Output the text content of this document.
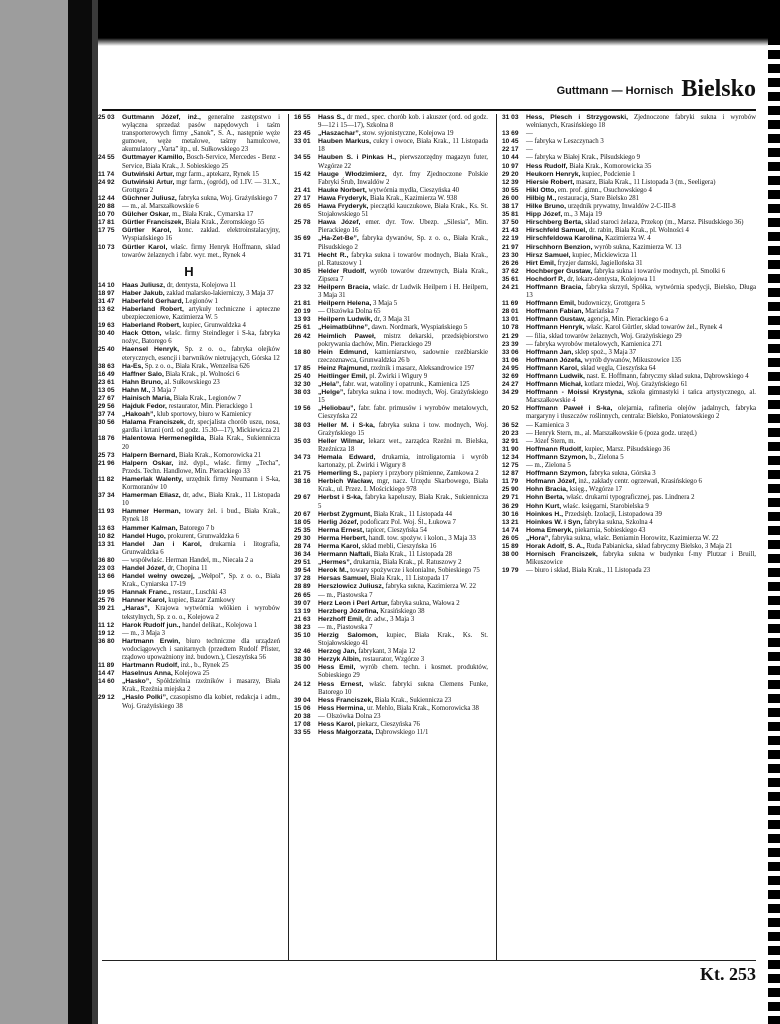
Guttmann — Hornisch Bielsko

25 03	Guttmann Józef, inż., generalne zastępstwo i wyłączna sprzedaż pasów napędowych i taśm transporterowych firmy „Sanok”, S. A., następnie węże gumowe, węże metalowe, taśmy hamulcowe, akumulatory „Varta” itp., ul. Sułkowskiego 23

24 55	Guttmayer Kamillo, Bosch-Service, Mercedes - Benz - Service, Biała Krak., J. Sobieskiego 25

11 74	Gutwiński Artur, mgr farm., aptekarz, Rynek 15

24 92	Gutwiński Artur, mgr farm., (ogród), od 1.IV. — 31.X., Grottgera 2

12 44	Güchner Juliusz, fabryka sukna, Woj. Grażyńskiego 7

20 88	— m., al. Marszałkowskie 6

10 70	Gülcher Oskar, m., Biała Krak., Cymarska 17

17 81	Gürtler Franciszek, Biała Krak., Żeromskiego 55

17 75	Gürtler Karol, konc. zakład. elektroinstalacyjny, Wyspiańskiego 16

10 73	Gürtler Karol, właśc. firmy Henryk Hoffmann, skład towarów żelaznych i fabr. wyr. met., Rynek 4

H

14 10	Haas Juliusz, dr, dentysta, Kolejowa 11

18 97	Haber Jakub, zakład malarsko-lakierniczy, 3 Maja 37

31 47	Haberfeld Gerhard, Legionów 1

13 62	Haberland Robert, artykuły techniczne i apteczne ubezpieczeniowe, Kazimierza W. 5

19 63	Haberland Robert, kupiec, Grunwaldzka 4

30 40	Hack Otton, właśc. firmy Steindleger i S-ka, fabryka nożyc, Batorego 6

25 40	Haensel Henryk, Sp. z o. o., fabryka olejków eterycznych, esencji i barwników nietrujących, Górska 12

38 63	Ha-Es, Sp. z o. o., Biała Krak., Wenzelisa 626

16 49	Haffner Salo, Biała Krak., pl. Wolności 6

23 61	Hahn Bruno, al. Sułkowskiego 23

13 05	Hahn M., 3 Maja 7

27 67	Hainisch Maria, Biała Krak., Legionów 7

29 56	Hajduk Fedor, restaurator, Min. Pierackiego 1

37 74	„Hakoah”, klub sportowy, biuro w Kamienicy

30 56	Halama Franciszek, dr, specjalista chorób uszu, nosa, gardła i krtani (ord. od godz. 15.30—17), Mickiewicza 21

18 76	Halentowa Hermenegilda, Biała Krak., Sukiennicza 20

25 73	Halpern Bernard, Biała Krak., Komorowicka 21

21 96	Halpern Oskar, inż. dypl., właśc. firmy „Techa”, Przeds. Techn. Handlowe, Min. Pierackiego 33

11 82	Hamerlak Walenty, urzędnik firmy Neumann i S-ka, Kormoranów 10

37 34	Hamerman Eliasz, dr, adw., Biała Krak., 11 Listopada 10

11 93	Hammer Herman, towary żel. i bud., Biała Krak., Rynek 18

13 63	Hammer Kalman, Batorego 7 b

10 82	Handel Hugo, prokurent, Grunwaldzka 6

13 31	Handel Jan i Karol, drukarnia i litografia, Grunwaldzka 6

36 80	— współwłaśc. Herman Handel, m., Niecała 2 a

23 03	Handel Józef, dr, Chopina 11

13 66	Handel wełny owczej, „Wełpol”, Sp. z o. o., Biała Krak., Cyniarska 17-19

19 95	Hannak Franc., restaur., Luschki 43

25 76	Hanner Karol, kupiec, Bazar Zamkowy

39 21	„Haras”, Krajowa wytwórnia włókien i wyrobów tekstylnych, Sp. z o. o., Kolejowa 2

11 12	Harok Rudolf jun., handel delikat., Kolejowa 1

19 12	— m., 3 Maja 3

36 80	Hartmann Erwin, biuro techniczne dla urządzeń wodociągowych i sanitarnych (przedtem Rudolf Pfister, rządowo upoważniony inż. budown.), Cieszyńska 56

11 89	Hartmann Rudolf, inż., b., Rynek 25

14 47	Haselnus Anna, Kolejowa 25

14 60	„Hasko”, Spółdzielnia rzeźników i masarzy, Biała Krak., Rzeźnia miejska 2

29 12	„Haslo Polki”, czasopismo dla kobiet, redakcja i adm., Woj. Grażyńskiego 38

16 55	Hass S., dr med., spec. chorób kob. i akuszer (ord. od godz. 9—12 i 15—17), Szkolna 8

23 45	„Haszachar”, stow. syjonistyczne, Kolejowa 19

33 01	Hauben Markus, cukry i owoce, Biała Krak., 11 Listopada 18

34 55	Hauben S. i Pinkas H., pierwszorzędny magazyn futer, Wzgórze 22

15 42	Hauge Włodzimierz, dyr. fmy Zjednoczone Polskie Fabryki Śrub, Inwaldów 2

21 41	Hauke Norbert, wytwórnia mydła, Cieszyńska 40

27 17	Hawa Fryderyk, Biała Krak., Kazimierza W. 938

26 65	Hawa Fryderyk, pieczątki kauczukowe, Biała Krak., Ks. St. Stojałowskiego 51

25 78	Hawa Józef, emer. dyr. Tow. Ubezp. „Silesia”, Min. Pierackiego 16

35 69	„Ha-Zet-Be”, fabryka dywanów, Sp. z o. o., Biała Krak., Piłsudskiego 2

31 71	Hecht R., fabryka sukna i towarów modnych, Biała Krak., pl. Ratuszowy 1

30 85	Helder Rudolf, wyrób towarów drzewnych, Biała Krak., Zipsera 7

23 32	Heilpern Bracia, właśc. dr Ludwik Heilpern i H. Heilpern, 3 Maja 31

21 81	Heilpern Helena, 3 Maja 5

20 19	— Olszówka Dolna 65

13 93	Heilpern Ludwik, dr, 3 Maja 31

25 61	„Heimatbühne”, dawn. Nordmark, Wyspiańskiego 5

26 42	Heimlich Paweł, mistrz dekarski, przedsiębiorstwo pokrywania dachów, Min. Pierackiego 29

18 80	Hein Edmund, kamieniarstwo, sadownie rzeźbiarskie rzeczoznawca, Grunwaldzka 26 b

17 85	Heinz Rajmund, rzeźnik i masarz, Aleksandrowice 197

25 40	Heitlinger Emil, pl. Żwirki i Wigury 9

32 30	„Hela”, fabr. wat, watoliny i opatrunk., Kamienica 125

38 03	„Helge”, fabryka sukna i tow. modnych, Woj. Grażyńskiego 15

19 56	„Heliobau”, fabr. fabr. primusów i wyrobów metalowych, Cieszyńska 22

38 03	Heller M. i S-ka, fabryka sukna i tow. modnych, Woj. Grażyńskiego 15

35 03	Heller Wilmar, lekarz wet., zarządca Rzeźni m. Bielska, Rzeźnicza 18

34 73	Hemala Edward, drukarnia, introligatornia i wyrób kartonaży, pl. Żwirki i Wigury 8

21 75	Hemerling S., papiery i przybory piśmienne, Zamkowa 2

38 16	Herbich Wacław, mgr, nacz. Urzędu Skarbowego, Biała Krak., ul. Przez. I. Mościckiego 978

29 67	Herbst i S-ka, fabryka kapeluszy, Biała Krak., Sukiennicza 5

20 67	Herbst Zygmunt, Biała Krak., 11 Listopada 44

18 05	Herlig Józef, podoficarz Pol. Woj. Śl., Łukowa 7

25 35	Herma Ernest, tapicer, Cieszyńska 54

29 30	Herma Herbert, handl. tow. spożyw. i kolon., 3 Maja 33

28 74	Herma Karol, skład mebli, Cieszyńska 16

36 34	Hermann Naftali, Biała Krak., 11 Listopada 28

29 51	„Hermes”, drukarnia, Biała Krak., pl. Ratuszowy 2

39 54	Herok M., towary spożywcze i kolonialne, Sobieskiego 75

37 28	Hersas Samuel, Biała Krak., 11 Listopada 17

28 89	Herszlowicz Juliusz, fabryka sukna, Kazimierza W. 22

26 65	— m., Piastowska 7

39 07	Herz Leon i Perl Artur, fabryka sukna, Wałowa 2

13 19	Herzberg Józefina, Krasińskiego 38

21 63	Herzhoff Emil, dr. adw., 3 Maja 3

38 23	— m., Piastowska 7

35 10	Herzig Salomon, kupiec, Biała Krak., Ks. St. Stojałowskiego 41

32 46	Herzog Jan, fabrykant, 3 Maja 12

38 30	Herzyk Albin, restaurator, Wzgórze 3

35 00	Hess Emil, wyrób chem. techn. i kosmet. produktów, Sobieskiego 29

24 12	Hess Ernest, właśc. fabryki sukna Clemens Funke, Batorego 10

39 04	Hess Franciszek, Biała Krak., Sukiennicza 23

15 06	Hess Hermina, ur. Mehlo, Biała Krak., Komorowicka 38

20 38	— Olszówka Dolna 23

17 08	Hess Karol, piekarz, Cieszyńska 76

33 55	Hess Małgorzata, Dąbrowskiego 11/1

31 03	Hess, Plesch i Strzygowski, Zjednoczone fabryki sukna i wyrobów wełnianych, Krasińskiego 18

13 69	—

10 45	— fabryka w Leszczynach 3

22 17	—

10 44	— fabryka w Białej Krak., Piłsudskiego 9

10 97	Hess Rudolf, Biała Krak., Komorowicka 35

29 20	Heukorn Henryk, kupiec, Podcienie 1

12 39	Hiersie Robert, masarz, Biała Krak., 11 Listopada 3 (m., Seeligera)

30 55	Hikl Otto, em. prof. gimn., Osuchowskiego 4

26 00	Hilbig M., restauracja, Stare Bielsko 281

38 17	Hilke Bruno, urzędnik prywatny, Inwaldów 2-C-III-8

35 81	Hipp Józef, m., 3 Maja 19

37 50	Hirschberg Berta, skład staroci żelaza, Przekop (m., Marsz. Piłsudskiego 36)

21 43	Hirschfeld Samuel, dr. rabin, Biała Krak., pl. Wolności 4

22 19	Hirschfeldowa Karolina, Kazimierza W. 4

21 97	Hirschhorn Benzion, wyrób sukna, Kazimierza W. 13

23 30	Hirsz Samuel, kupiec, Mickiewicza 11

26 26	Hirt Emil, fryzjer damski, Jagiellońska 31

37 62	Hochberger Gustaw, fabryka sukna i towarów modnych, pl. Smolki 6

35 61	Hochdorf P., dr, lekarz-dentysta, Kolejowa 11

24 21	Hoffmann Bracia, fabryka skrzyń, Spółka, wytwórnia spedycji, Bielsko, Długa 13

11 69	Hoffmann Emil, budowniczy, Grottgera 5

28 01	Hoffmann Fabian, Mariańska 7

13 01	Hoffmann Gustaw, agencja, Min. Pierackiego 6 a

10 78	Hoffmann Henryk, właśc. Karol Gürtler, skład towarów żel., Rynek 4

21 29	— filia, skład towarów żelaznych, Woj. Grażyńskiego 29

23 39	— fabryka wyrobów metalowych, Kamienica 271

33 06	Hoffmann Jan, sklep spoż., 3 Maja 37

31 06	Hoffmann Józefa, wyrób dywanów, Mikuszowice 135

24 95	Hoffmann Karol, skład węgla, Cieszyńska 64

32 69	Hoffmann Ludwik, nast. E. Hoffmann, fabryczny skład sukna, Dąbrowskiego 4

24 27	Hoffmann Michał, kotlarz miedzi, Woj. Grażyńskiego 61

34 29	Hoffmann - Moissi Krystyna, szkoła gimnastyki i tańca artystycznego, al. Marszałkowskie 4

20 52	Hoffmann Paweł i S-ka, olejarnia, rafineria olejów jadalnych, fabryka margaryny i tłuszczów roślinnych, centrala: Bielsko, Poniatowskiego 2

36 52	— Kamienica 3

20 23	— Henryk Stern, m., al. Marszałkowskie 6 (poza godz. urzęd.)

32 91	— Józef Stern, m.

31 90	Hoffmann Rudolf, kupiec, Marsz. Piłsudskiego 36

12 34	Hoffmann Szymon, b., Zielona 5

12 75	— m., Zielona 5

12 87	Hoffmann Szymon, fabryka sukna, Górska 3

11 79	Hofmann Józef, inż., zakłady centr. ogrzewań, Krasińskiego 6

25 90	Hohn Bracia, księg., Wzgórze 17

29 71	Hohn Berta, właśc. drukarni typograficznej, pas. Lindnera 2

36 29	Hohn Kurt, właśc. księgarni, Starobielska 9

30 16	Hoinkes H., Przedsięb. Izolacji, Listopadowa 39

13 21	Hoinkes W. i Syn, fabryka sukna, Szkolna 4

14 74	Homa Emeryk, piekarnia, Sobieskiego 43

26 05	„Hora”, fabryka sukna, właśc. Beniamin Horowitz, Kazimierza W. 22

15 89	Horak Adolf, S. A., Ruda Pabianicka, skład fabryczny Bielsko, 3 Maja 21

38 00	Hornisch Franciszek, fabryka sukna w budynku f-my Plutzar i Bruill, Mikuszowice

19 79	— biuro i skład, Biała Krak., 11 Listopada 23

Kt. 253
